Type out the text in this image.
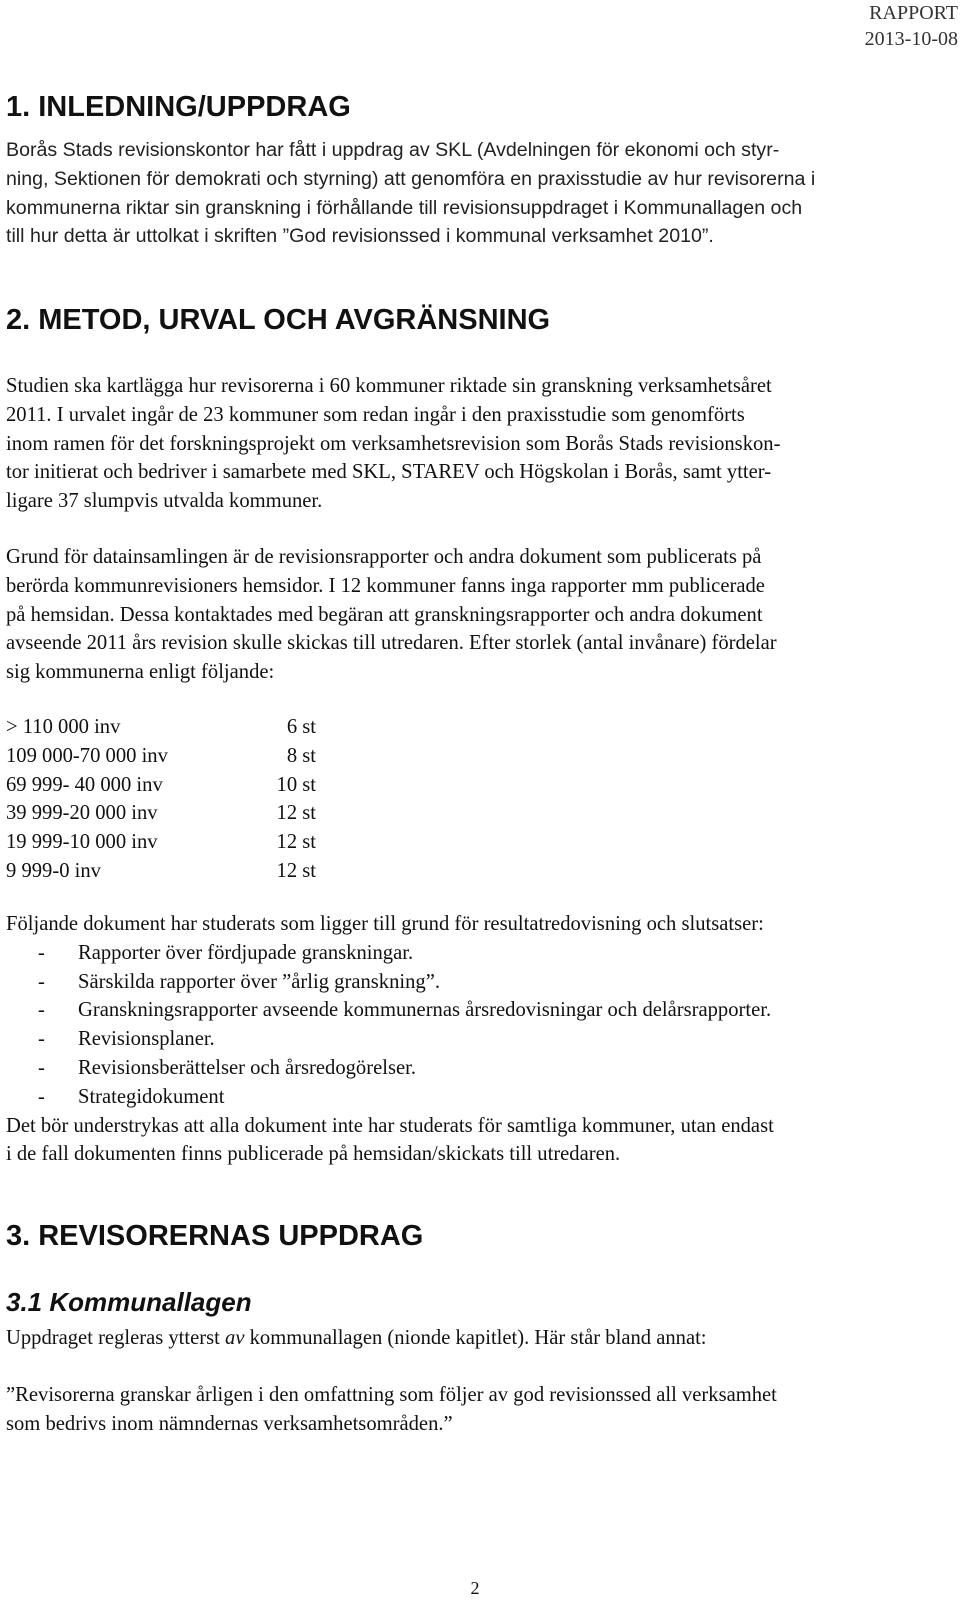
RAPPORT
2013-10-08
1. INLEDNING/UPPDRAG

Borås Stads revisionskontor har fått i uppdrag av SKL (Avdelningen för ekonomi och styr-
ning, Sektionen för demokrati och styrning) att genomföra en praxisstudie av hur revisorerna i
kommunerna riktar sin granskning i förhållande till revisionsuppdraget i Kommunallagen och
till hur detta är uttolkat i skriften ”God revisionssed i kommunal verksamhet 2010”.

2. METOD, URVAL OCH AVGRÄNSNING

Studien ska kartlägga hur revisorerna i 60 kommuner riktade sin granskning verksamhetsåret
2011. I urvalet ingår de 23 kommuner som redan ingår i den praxisstudie som genomförts
inom ramen för det forskningsprojekt om verksamhetsrevision som Borås Stads revisionskon-
tor initierat och bedriver i samarbete med SKL, STAREV och Högskolan i Borås, samt ytter-
ligare 37 slumpvis utvalda kommuner.

Grund för datainsamlingen är de revisionsrapporter och andra dokument som publicerats på
berörda kommunrevisioners hemsidor. I 12 kommuner fanns inga rapporter mm publicerade
på hemsidan. Dessa kontaktades med begäran att granskningsrapporter och andra dokument
avseende 2011 års revision skulle skickas till utredaren. Efter storlek (antal invånare) fördelar
sig kommunerna enligt följande:

> 110 000 inv	6 st
109 000-70 000 inv	8 st
69 999- 40 000 inv	10 st
39 999-20 000 inv	12 st
19 999-10 000 inv	12 st
9 999-0 inv	12 st
Följande dokument har studerats som ligger till grund för resultatredovisning och slutsatser:
-	Rapporter över fördjupade granskningar.
-	Särskilda rapporter över ”årlig granskning”.
-	Granskningsrapporter avseende kommunernas årsredovisningar och delårsrapporter.
-	Revisionsplaner.
-	Revisionsberättelser och årsredogörelser.
-	Strategidokument
Det bör understrykas att alla dokument inte har studerats för samtliga kommuner, utan endast
i de fall dokumenten finns publicerade på hemsidan/skickats till utredaren.
3. REVISORERNAS UPPDRAG
3.1 Kommunallagen

Uppdraget regleras ytterst av kommunallagen (nionde kapitlet). Här står bland annat:

”Revisorerna granskar årligen i den omfattning som följer av god revisionssed all verksamhet
som bedrivs inom nämndernas verksamhetsområden.”

2
